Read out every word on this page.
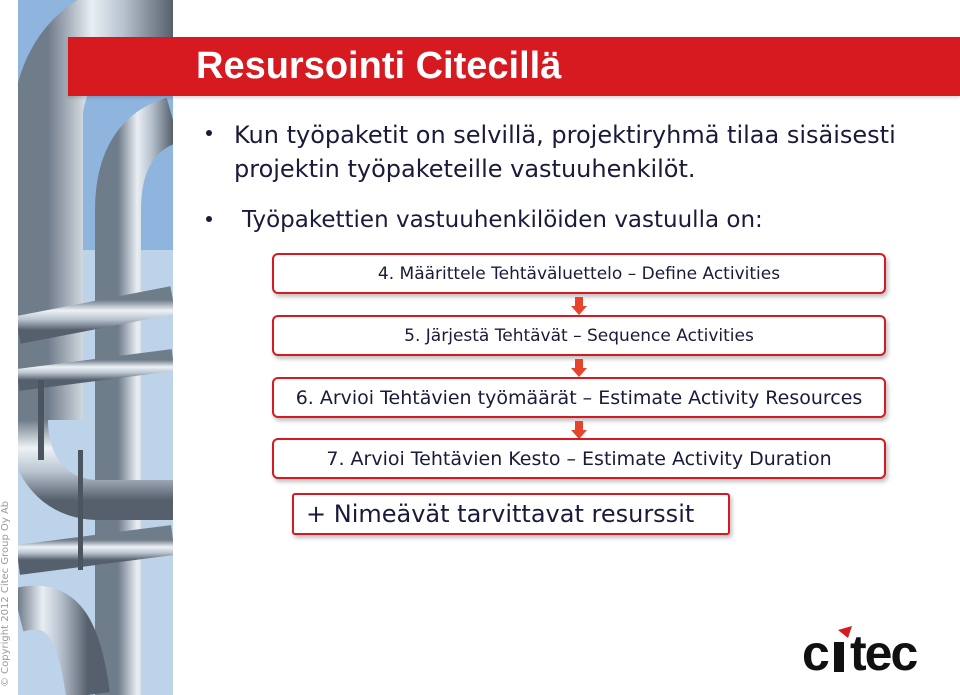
© Copyright 2012 Citec Group Oy Ab
Resursointi Citecillä
Kun työpaketit on selvillä, projektiryhmä tilaa sisäisesti projektin työpaketeille vastuuhenkilöt.
Työpakettien vastuuhenkilöiden vastuulla on:
4. Määrittele Tehtäväluettelo – Define Activities
5. Järjestä Tehtävät – Sequence Activities
6. Arvioi Tehtävien työmäärät – Estimate Activity Resources
7. Arvioi Tehtävien Kesto – Estimate Activity Duration
+ Nimeävät tarvittavat resurssit
c tec
